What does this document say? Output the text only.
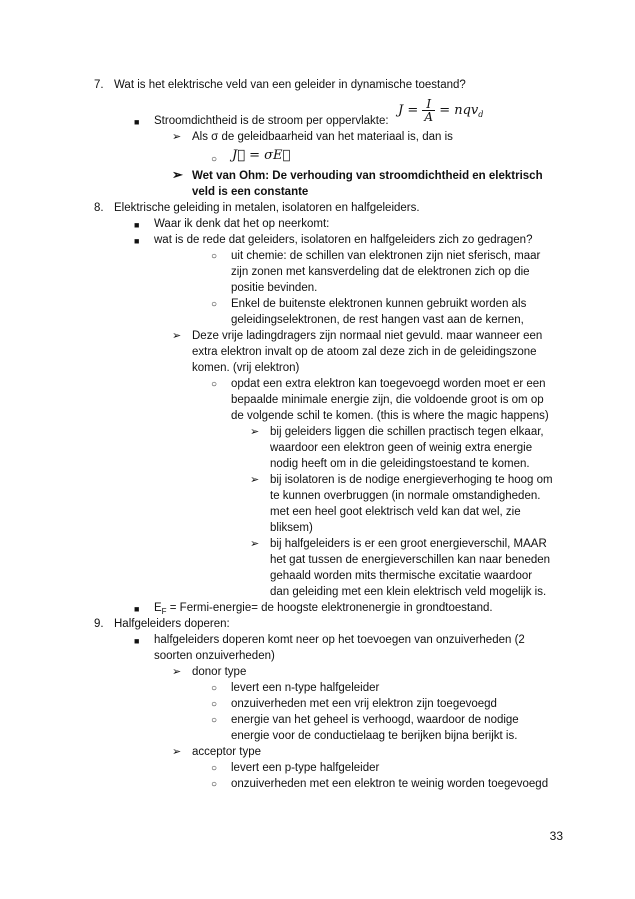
7. Wat is het elektrische veld van een geleider in dynamische toestand?
■ Stroomdichtheid is de stroom per oppervlakte:
$J = \frac{I}{A} = nqv_d$
➢ Als σ de geleidbaarheid van het materiaal is, dan is
○ J⃗ = σE⃗
➢ Wet van Ohm: De verhouding van stroomdichtheid en elektrisch
veld is een constante
8. Elektrische geleiding in metalen, isolatoren en halfgeleiders.
■ Waar ik denk dat het op neerkomt:
■ wat is de rede dat geleiders, isolatoren en halfgeleiders zich zo gedragen?
○ uit chemie: de schillen van elektronen zijn niet sferisch, maar
zijn zonen met kansverdeling dat de elektronen zich op die
positie bevinden.
○ Enkel de buitenste elektronen kunnen gebruikt worden als
geleidingselektronen, de rest hangen vast aan de kernen,
➢ Deze vrije ladingdragers zijn normaal niet gevuld. maar wanneer een
extra elektron invalt op de atoom zal deze zich in de geleidingszone
komen. (vrij elektron)
○ opdat een extra elektron kan toegevoegd worden moet er een
bepaalde minimale energie zijn, die voldoende groot is om op
de volgende schil te komen. (this is where the magic happens)
➢ bij geleiders liggen die schillen practisch tegen elkaar,
waardoor een elektron geen of weinig extra energie
nodig heeft om in die geleidingstoestand te komen.
➢ bij isolatoren is de nodige energieverhoging te hoog om
te kunnen overbruggen (in normale omstandigheden.
met een heel goot elektrisch veld kan dat wel, zie
bliksem)
➢ bij halfgeleiders is er een groot energieverschil, MAAR
het gat tussen de energieverschillen kan naar beneden
gehaald worden mits thermische excitatie waardoor
dan geleiding met een klein elektrisch veld mogelijk is.
■ $E_F$ = Fermi-energie= de hoogste elektronenergie in grondtoestand.
9. Halfgeleiders doperen:
■ halfgeleiders doperen komt neer op het toevoegen van onzuiverheden (2
soorten onzuiverheden)
➢ donor type
○ levert een n-type halfgeleider
○ onzuiverheden met een vrij elektron zijn toegevoegd
○ energie van het geheel is verhoogd, waardoor de nodige
energie voor de conductielaag te berijken bijna berijkt is.
➢ acceptor type
○ levert een p-type halfgeleider
○ onzuiverheden met een elektron te weinig worden toegevoegd
33
